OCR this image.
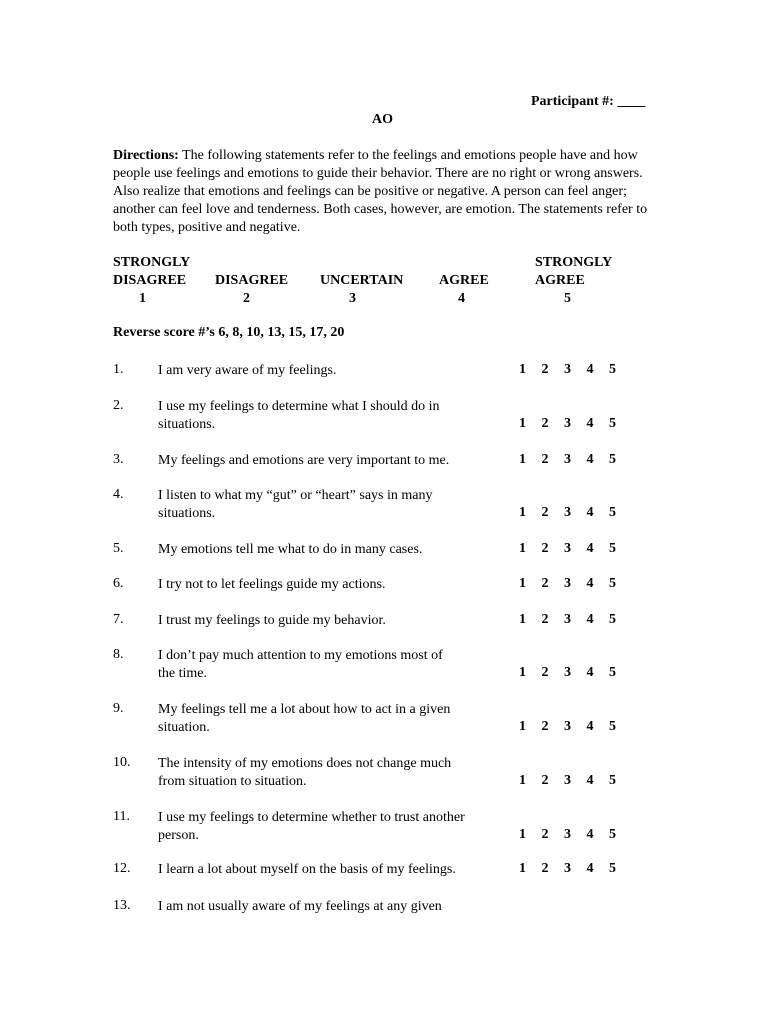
Participant #: ____
AO
Directions: The following statements refer to the feelings and emotions people have and how people use feelings and emotions to guide their behavior. There are no right or wrong answers. Also realize that emotions and feelings can be positive or negative. A person can feel anger; another can feel love and tenderness. Both cases, however, are emotion. The statements refer to both types, positive and negative.
STRONGLY
DISAGREE
1
DISAGREE
2
UNCERTAIN
3
AGREE
4
STRONGLY
AGREE
5
Reverse score #’s 6, 8, 10, 13, 15, 17, 20
1. I am very aware of my feelings.	1 2 3 4 5
2. I use my feelings to determine what I should do in
situations.	1 2 3 4 5
3. My feelings and emotions are very important to me.	1 2 3 4 5
4. I listen to what my “gut” or “heart” says in many
situations.	1 2 3 4 5
5. My emotions tell me what to do in many cases.	1 2 3 4 5
6. I try not to let feelings guide my actions.	1 2 3 4 5
7. I trust my feelings to guide my behavior.	1 2 3 4 5
8. I don’t pay much attention to my emotions most of
the time.	1 2 3 4 5
9. My feelings tell me a lot about how to act in a given
situation.	1 2 3 4 5
10. The intensity of my emotions does not change much
from situation to situation.	1 2 3 4 5
11. I use my feelings to determine whether to trust another
person.	1 2 3 4 5
12. I learn a lot about myself on the basis of my feelings.	1 2 3 4 5
13. I am not usually aware of my feelings at any given
